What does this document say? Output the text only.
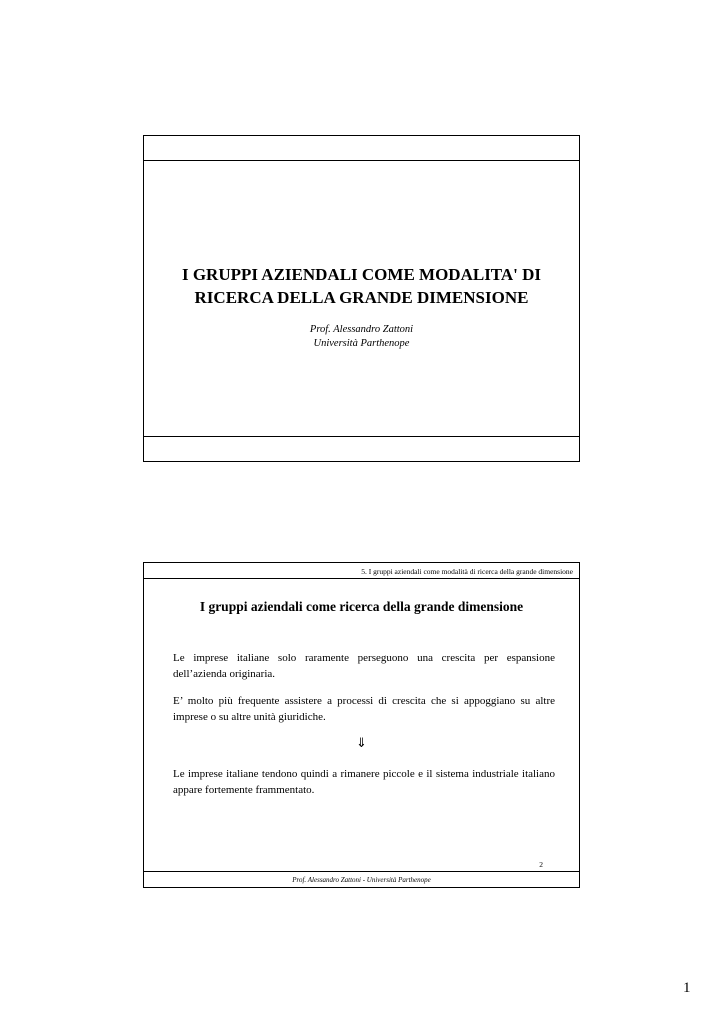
I GRUPPI AZIENDALI COME MODALITA' DI
RICERCA DELLA GRANDE DIMENSIONE
Prof. Alessandro Zattoni
Università Parthenope
5. I gruppi aziendali come modalità di ricerca della grande dimensione
I gruppi aziendali come ricerca della grande dimensione
Le imprese italiane solo raramente perseguono una crescita per espansione dell’azienda originaria.
E’ molto più frequente assistere a processi di crescita che si appoggiano su altre imprese o su altre unità giuridiche.
⇓
Le imprese italiane tendono quindi a rimanere piccole e il sistema industriale italiano appare fortemente frammentato.
2
Prof. Alessandro Zattoni - Università Parthenope
1
